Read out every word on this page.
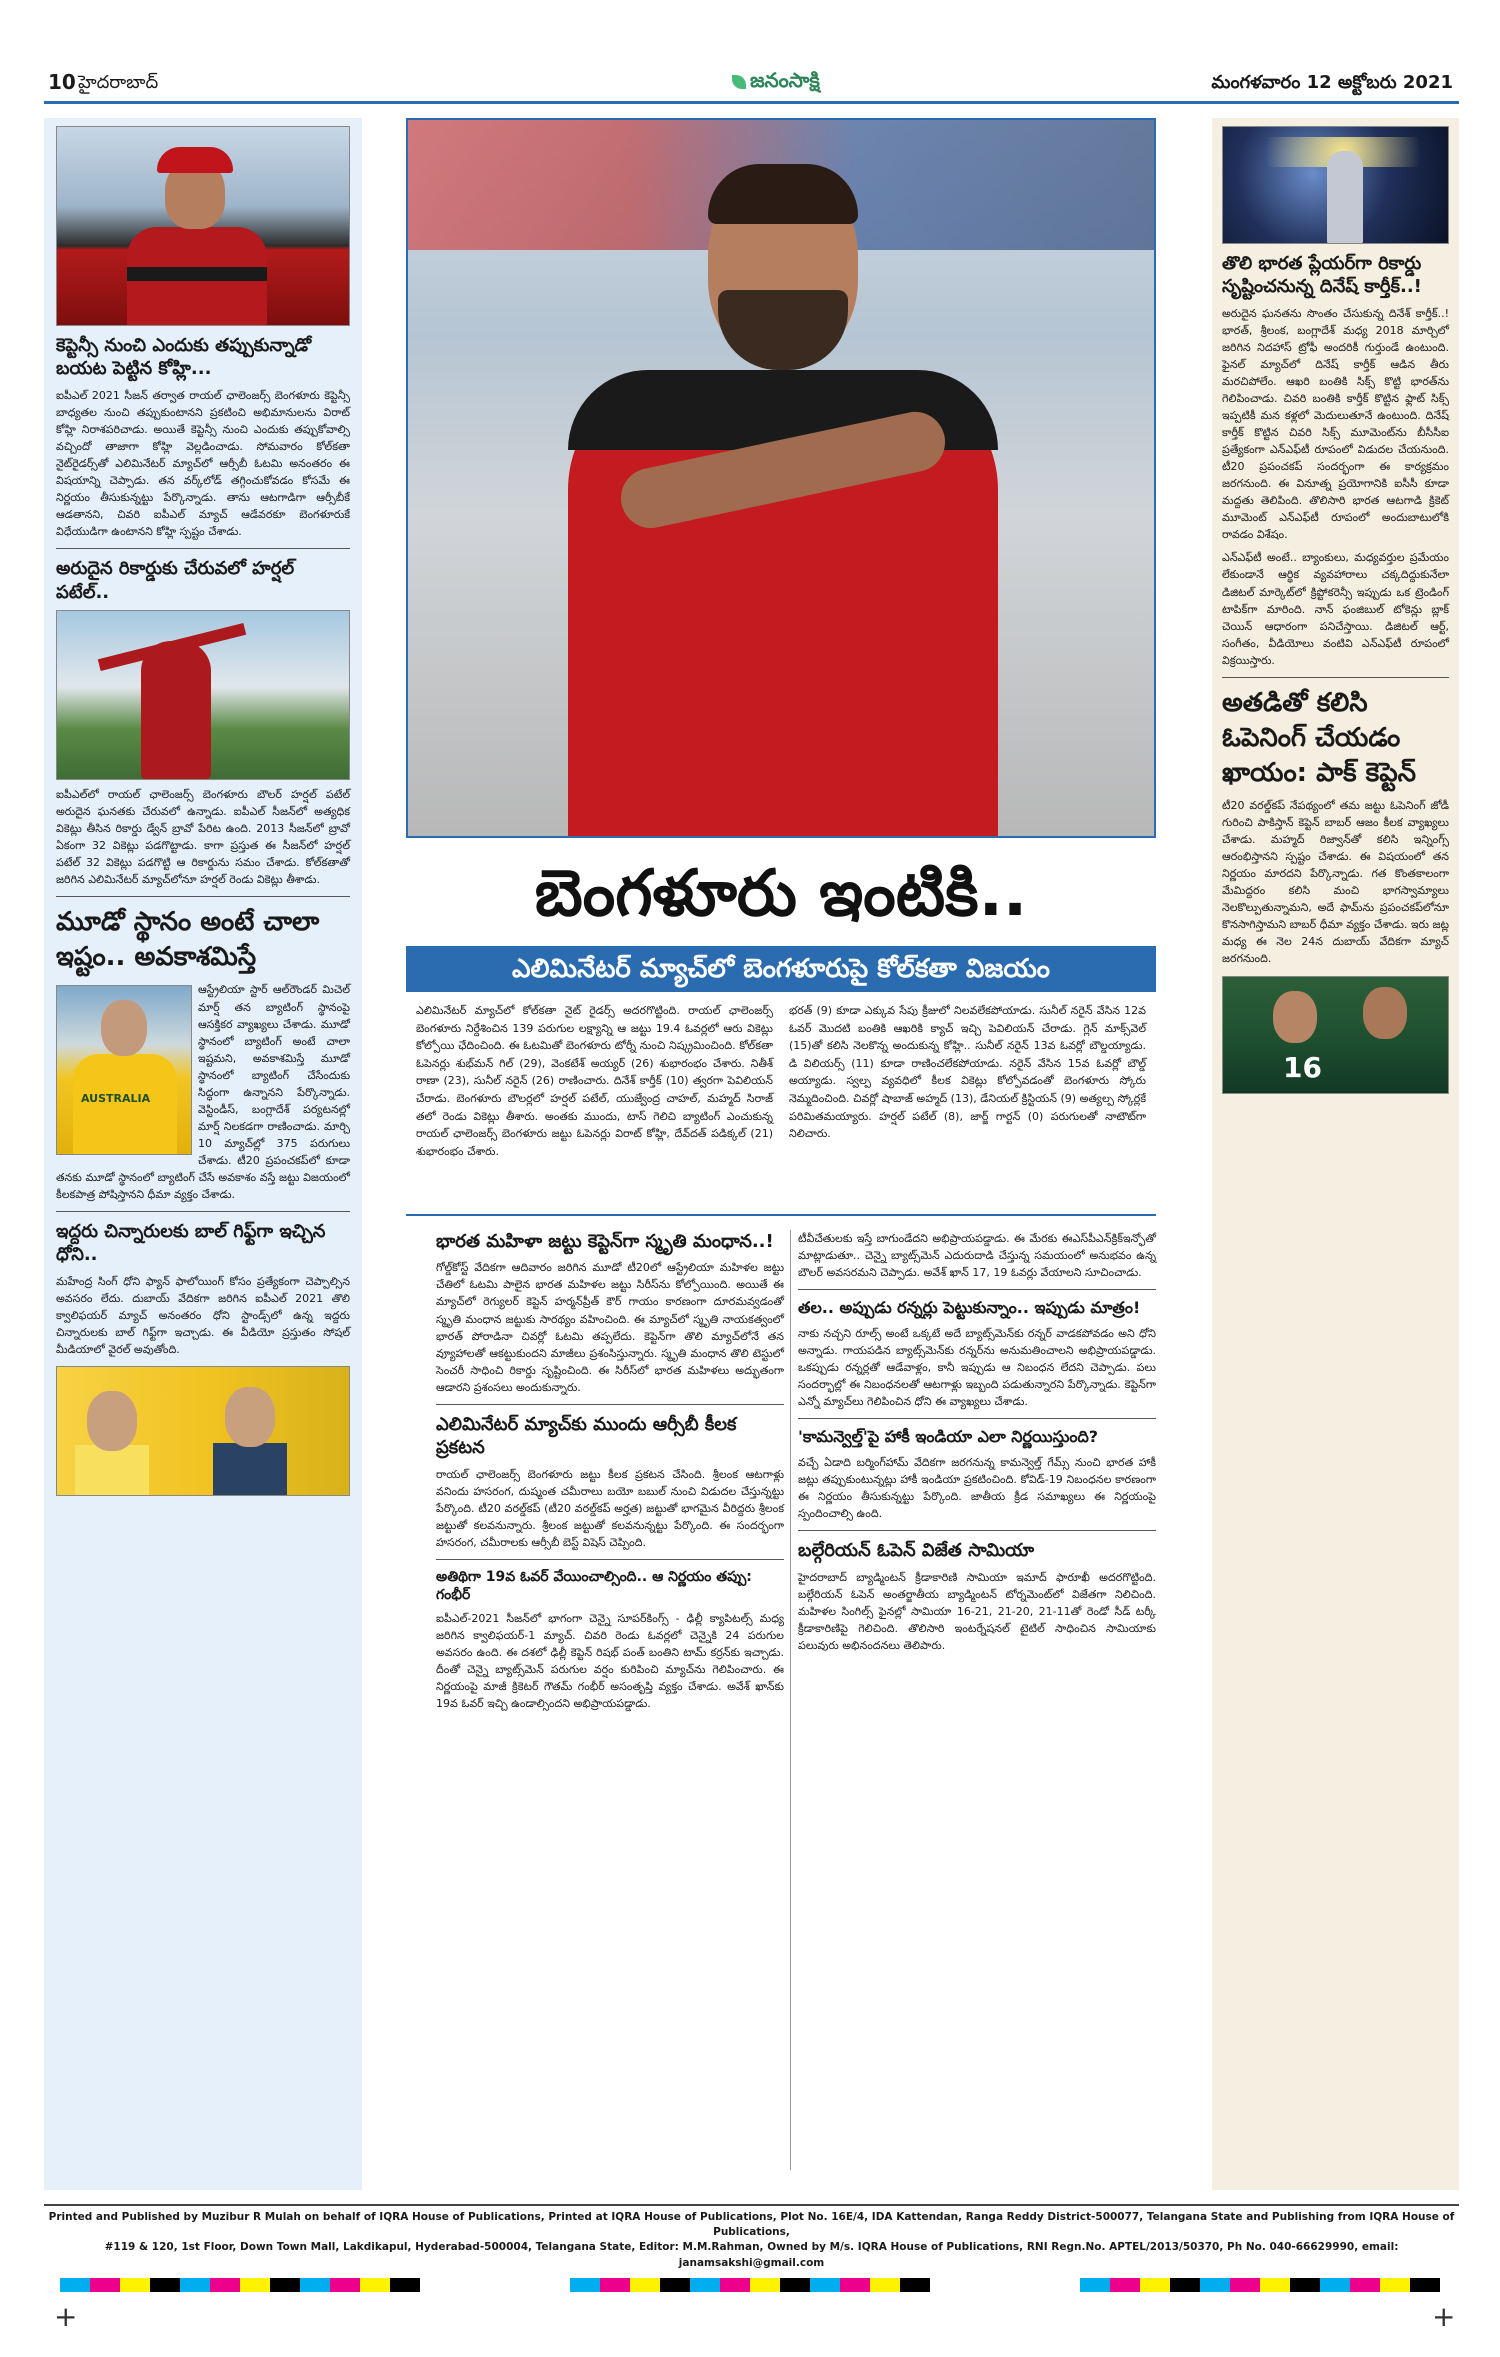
10 హైదరాబాద్	జనంసాక్షి	మంగళవారం 12 అక్టోబరు 2021
కెప్టెన్సీ నుంచి ఎందుకు తప్పుకున్నాడో బయట పెట్టిన కోహ్లి...
ఐపీఎల్ 2021 సీజన్ తర్వాత రాయల్ ఛాలెంజర్స్ బెంగళూరు కెప్టెన్సీ బాధ్యతల నుంచి తప్పుకుంటానని ప్రకటించి అభిమానులను విరాట్ కోహ్లి నిరాశపరిచాడు. అయితే కెప్టెన్సీ నుంచి ఎందుకు తప్పుకోవాల్సి వచ్చిందో తాజాగా కోహ్లి వెల్లడించాడు. సోమవారం కోల్‌కతా నైట్‌రైడర్స్‌తో ఎలిమినేటర్ మ్యాచ్‌లో ఆర్సీబీ ఓటమి అనంతరం ఈ విషయాన్ని చెప్పాడు. తన వర్క్‌లోడ్ తగ్గించుకోవడం కోసమే ఈ నిర్ణయం తీసుకున్నట్టు పేర్కొన్నాడు. తాను ఆటగాడిగా ఆర్సీబీకే ఆడతానని, చివరి ఐపీఎల్ మ్యాచ్ ఆడేవరకూ బెంగళూరుకే విధేయుడిగా ఉంటానని కోహ్లి స్పష్టం చేశాడు.
అరుదైన రికార్డుకు చేరువలో హర్షల్ పటేల్..
ఐపీఎల్‌లో రాయల్ ఛాలెంజర్స్ బెంగళూరు బౌలర్ హర్షల్ పటేల్ అరుదైన ఘనతకు చేరువలో ఉన్నాడు. ఐపీఎల్ సీజన్‌లో అత్యధిక వికెట్లు తీసిన రికార్డు డ్వేన్ బ్రావో పేరిట ఉంది. 2013 సీజన్‌లో బ్రావో ఏకంగా 32 వికెట్లు పడగొట్టాడు. కాగా ప్రస్తుత ఈ సీజన్‌లో హర్షల్ పటేల్ 32 వికెట్లు పడగొట్టి ఆ రికార్డును సమం చేశాడు. కోల్‌కతాతో జరిగిన ఎలిమినేటర్ మ్యాచ్‌లోనూ హర్షల్ రెండు వికెట్లు తీశాడు.
మూడో స్థానం అంటే చాలా ఇష్టం.. అవకాశమిస్తే
AUSTRALIA
ఆస్ట్రేలియా స్టార్ ఆల్‌రౌండర్ మిచెల్ మార్ష్ తన బ్యాటింగ్ స్థానంపై ఆసక్తికర వ్యాఖ్యలు చేశాడు. మూడో స్థానంలో బ్యాటింగ్ అంటే చాలా ఇష్టమని, అవకాశమిస్తే మూడో స్థానంలో బ్యాటింగ్ చేసేందుకు సిద్ధంగా ఉన్నానని పేర్కొన్నాడు. వెస్టిండీస్, బంగ్లాదేశ్ పర్యటనల్లో మార్ష్ నిలకడగా రాణించాడు. మార్చి 10 మ్యాచ్‌ల్లో 375 పరుగులు చేశాడు. టీ20 ప్రపంచకప్‌లో కూడా తనకు మూడో స్థానంలో బ్యాటింగ్ చేసే అవకాశం వస్తే జట్టు విజయంలో కీలకపాత్ర పోషిస్తానని ధీమా వ్యక్తం చేశాడు.
ఇద్దరు చిన్నారులకు బాల్ గిఫ్ట్‌గా ఇచ్చిన ధోని..
మహేంద్ర సింగ్ ధోని ఫ్యాన్ ఫాలోయింగ్ కోసం ప్రత్యేకంగా చెప్పాల్సిన అవసరం లేదు. దుబాయ్ వేదికగా జరిగిన ఐపీఎల్ 2021 తొలి క్వాలిఫయర్ మ్యాచ్ అనంతరం ధోని స్టాండ్స్‌లో ఉన్న ఇద్దరు చిన్నారులకు బాల్ గిఫ్ట్‌గా ఇచ్చాడు. ఈ వీడియో ప్రస్తుతం సోషల్ మీడియాలో వైరల్ అవుతోంది.
బెంగళూరు ఇంటికి..
ఎలిమినేటర్ మ్యాచ్‌లో బెంగళూరుపై కోల్‌కతా విజయం
ఎలిమినేటర్ మ్యాచ్‌లో కోల్‌కతా నైట్ రైడర్స్ అదరగొట్టింది. రాయల్ ఛాలెంజర్స్ బెంగళూరు నిర్దేశించిన 139 పరుగుల లక్ష్యాన్ని ఆ జట్టు 19.4 ఓవర్లలో ఆరు వికెట్లు కోల్పోయి ఛేదించింది. ఈ ఓటమితో బెంగళూరు టోర్నీ నుంచి నిష్క్రమించింది. కోల్‌కతా ఓపెనర్లు శుభ్‌మన్ గిల్ (29), వెంకటేశ్ అయ్యర్ (26) శుభారంభం చేశారు. నితీశ్ రాణా (23), సునీల్ నరైన్ (26) రాణించారు. దినేశ్ కార్తీక్ (10) త్వరగా పెవిలియన్ చేరాడు. బెంగళూరు బౌలర్లలో హర్షల్ పటేల్, యుజ్వేంద్ర చాహల్, మహ్మద్ సిరాజ్ తలో రెండు వికెట్లు తీశారు. అంతకు ముందు, టాస్ గెలిచి బ్యాటింగ్ ఎంచుకున్న రాయల్ ఛాలెంజర్స్ బెంగళూరు జట్టు ఓపెనర్లు విరాట్ కోహ్లి, దేవ్‌దత్ పడిక్కల్ (21) శుభారంభం చేశారు.
భరత్ (9) కూడా ఎక్కువ సేపు క్రీజులో నిలవలేకపోయాడు. సునీల్ నరైన్ వేసిన 12వ ఓవర్ మొదటి బంతికి ఆఖరికి క్యాచ్ ఇచ్చి పెవిలియన్ చేరాడు. గ్లెన్ మాక్స్‌వెల్ (15)తో కలిసి నెలకొన్న అందుకున్న కోహ్లి.. సునీల్ నరైన్ 13వ ఓవర్లో బౌల్డయ్యాడు. డి విలియర్స్ (11) కూడా రాణించలేకపోయాడు. నరైన్ వేసిన 15వ ఓవర్లో బౌల్డ్ అయ్యాడు. స్వల్ప వ్యవధిలో కీలక వికెట్లు కోల్పోవడంతో బెంగళూరు స్కోరు నెమ్మదించింది. చివర్లో షాబాజ్ అహ్మద్ (13), డేనియల్ క్రిస్టియన్ (9) అత్యల్ప స్కోర్లకే పరిమితమయ్యారు. హర్షల్ పటేల్ (8), జార్జ్ గార్టన్ (0) పరుగులతో నాటౌట్‌గా నిలిచారు.
భారత మహిళా జట్టు కెప్టెన్‌గా స్మృతి మంధాన..!
గోల్డ్‌కోస్ట్ వేదికగా ఆదివారం జరిగిన మూడో టీ20లో ఆస్ట్రేలియా మహిళల జట్టు చేతిలో ఓటమి పాలైన భారత మహిళల జట్టు సిరీస్‌ను కోల్పోయింది. అయితే ఈ మ్యాచ్‌లో రెగ్యులర్ కెప్టెన్ హర్మన్‌ప్రీత్ కౌర్ గాయం కారణంగా దూరమవ్వడంతో స్మృతి మంధాన జట్టుకు సారథ్యం వహించింది. ఈ మ్యాచ్‌లో స్మృతి నాయకత్వంలో భారత్ పోరాడినా చివర్లో ఓటమి తప్పలేదు. కెప్టెన్‌గా తొలి మ్యాచ్‌లోనే తన వ్యూహాలతో ఆకట్టుకుందని మాజీలు ప్రశంసిస్తున్నారు. స్మృతి మంధాన తొలి టెస్టులో సెంచరీ సాధించి రికార్డు సృష్టించింది. ఈ సిరీస్‌లో భారత మహిళలు అద్భుతంగా ఆడారని ప్రశంసలు అందుకున్నారు.
ఎలిమినేటర్ మ్యాచ్‌కు ముందు ఆర్సీబీ కీలక ప్రకటన
రాయల్ ఛాలెంజర్స్ బెంగళూరు జట్టు కీలక ప్రకటన చేసింది. శ్రీలంక ఆటగాళ్లు వనిందు హసరంగ, దుష్మంత చమీరాలు బయో బబుల్ నుంచి విడుదల చేస్తున్నట్టు పేర్కొంది. టీ20 వరల్డ్‌కప్ (టీ20 వరల్డ్‌కప్ అర్హత) జట్టుతో భాగమైన వీరిద్దరు శ్రీలంక జట్టుతో కలవనున్నారు. శ్రీలంక జట్టుతో కలవనున్నట్టు పేర్కొంది. ఈ సందర్భంగా హసరంగ, చమీరాలకు ఆర్సీబీ బెస్ట్ విషెస్ చెప్పింది.
అతిథిగా 19వ ఓవర్ వేయించాల్సింది.. ఆ నిర్ణయం తప్పు: గంభీర్
ఐపీఎల్-2021 సీజన్‌లో భాగంగా చెన్నై సూపర్‌కింగ్స్ - ఢిల్లీ క్యాపిటల్స్ మధ్య జరిగిన క్వాలిఫయర్-1 మ్యాచ్. చివరి రెండు ఓవర్లలో చెన్నైకి 24 పరుగుల అవసరం ఉంది. ఈ దశలో ఢిల్లీ కెప్టెన్ రిషభ్ పంత్ బంతిని టామ్ కర్రన్‌కు ఇచ్చాడు. దీంతో చెన్నై బ్యాట్స్‌మెన్ పరుగుల వర్షం కురిపించి మ్యాచ్‌ను గెలిపించారు. ఈ నిర్ణయంపై మాజీ క్రికెటర్ గౌతమ్ గంభీర్ అసంతృప్తి వ్యక్తం చేశాడు. అవేశ్ ఖాన్‌కు 19వ ఓవర్ ఇచ్చి ఉండాల్సిందని అభిప్రాయపడ్డాడు.
టీవీచేతులకు ఇస్తే బాగుండేదని అభిప్రాయపడ్డాడు. ఈ మేరకు ఈఎస్‌పీఎన్‌క్రిక్‌ఇన్ఫోతో మాట్లాడుతూ.. చెన్నై బ్యాట్స్‌మెన్ ఎదురుదాడి చేస్తున్న సమయంలో అనుభవం ఉన్న బౌలర్ అవసరమని చెప్పాడు. అవేశ్ ఖాన్ 17, 19 ఓవర్లు వేయాలని సూచించాడు.
తల.. అప్పుడు రన్నర్లు పెట్టుకున్నాం.. ఇప్పుడు మాత్రం!
నాకు నచ్చని రూల్స్ అంటే ఒక్కటే అదే బ్యాట్స్‌మెన్‌కు రన్నర్ వాడకపోవడం అని ధోని అన్నాడు. గాయపడిన బ్యాట్స్‌మెన్‌కు రన్నర్‌ను అనుమతించాలని అభిప్రాయపడ్డాడు. ఒకప్పుడు రన్నర్లతో ఆడేవాళ్లం, కానీ ఇప్పుడు ఆ నిబంధన లేదని చెప్పాడు. పలు సందర్భాల్లో ఈ నిబంధనలతో ఆటగాళ్లు ఇబ్బంది పడుతున్నారని పేర్కొన్నాడు. కెప్టెన్‌గా ఎన్నో మ్యాచ్‌లు గెలిపించిన ధోని ఈ వ్యాఖ్యలు చేశాడు.
'కామన్వెల్త్'పై హాకీ ఇండియా ఎలా నిర్ణయిస్తుంది?
వచ్చే ఏడాది బర్మింగ్‌హామ్ వేదికగా జరగనున్న కామన్వెల్త్ గేమ్స్ నుంచి భారత హాకీ జట్లు తప్పుకుంటున్నట్లు హాకీ ఇండియా ప్రకటించింది. కోవిడ్-19 నిబంధనల కారణంగా ఈ నిర్ణయం తీసుకున్నట్టు పేర్కొంది. జాతీయ క్రీడ సమాఖ్యలు ఈ నిర్ణయంపై స్పందించాల్సి ఉంది.
బల్గేరియన్ ఓపెన్ విజేత సామియా
హైదరాబాద్ బ్యాడ్మింటన్ క్రీడాకారిణి సామియా ఇమాద్ ఫారూఖీ అదరగొట్టింది. బల్గేరియన్ ఓపెన్ అంతర్జాతీయ బ్యాడ్మింటన్ టోర్నమెంట్‌లో విజేతగా నిలిచింది. మహిళల సింగిల్స్ ఫైనల్లో సామియా 16-21, 21-20, 21-11తో రెండో సీడ్ టర్కీ క్రీడాకారిణిపై గెలిచింది. తొలిసారి ఇంటర్నేషనల్ టైటిల్ సాధించిన సామియాకు పలువురు అభినందనలు తెలిపారు.
తొలి భారత ప్లేయర్‌గా రికార్డు సృష్టించనున్న దినేష్ కార్తీక్..!
అరుదైన ఘనతను సొంతం చేసుకున్న దినేశ్ కార్తీక్..! భారత్, శ్రీలంక, బంగ్లాదేశ్ మధ్య 2018 మార్చిలో జరిగిన నిదహాస్ ట్రోఫీ అందరికీ గుర్తుండే ఉంటుంది. ఫైనల్ మ్యాచ్‌లో దినేష్ కార్తీక్ ఆడిన తీరు మరచిపోలేం. ఆఖరి బంతికి సిక్స్ కొట్టి భారత్‌ను గెలిపించాడు. చివరి బంతికి కార్తీక్ కొట్టిన ఫ్లాట్ సిక్స్ ఇప్పటికీ మన కళ్లలో మెదులుతూనే ఉంటుంది. దినేష్ కార్తీక్ కొట్టిన చివరి సిక్స్ మూమెంట్‌ను బీసీసీఐ ప్రత్యేకంగా ఎన్‌ఎఫ్‌టీ రూపంలో విడుదల చేయనుంది. టీ20 ప్రపంచకప్ సందర్భంగా ఈ కార్యక్రమం జరగనుంది. ఈ వినూత్న ప్రయోగానికి ఐసీసీ కూడా మద్దతు తెలిపింది. తొలిసారి భారత ఆటగాడి క్రికెట్ మూమెంట్ ఎన్‌ఎఫ్‌టీ రూపంలో అందుబాటులోకి రావడం విశేషం.
ఎన్‌ఎఫ్‌టీ అంటే.. బ్యాంకులు, మధ్యవర్తుల ప్రమేయం లేకుండానే ఆర్థిక వ్యవహారాలు చక్కదిద్దుకునేలా డిజిటల్ మార్కెట్‌లో క్రిప్టోకరెన్సీ ఇప్పుడు ఒక ట్రెండింగ్ టాపిక్‌గా మారింది. నాన్ ఫంజిబుల్ టోకెన్లు బ్లాక్ చెయిన్ ఆధారంగా పనిచేస్తాయి. డిజిటల్ ఆర్ట్, సంగీతం, వీడియోలు వంటివి ఎన్‌ఎఫ్‌టీ రూపంలో విక్రయిస్తారు.
అతడితో కలిసి ఓపెనింగ్ చేయడం ఖాయం: పాక్ కెప్టెన్
టీ20 వరల్డ్‌కప్ నేపథ్యంలో తమ జట్టు ఓపెనింగ్ జోడీ గురించి పాకిస్తాన్ కెప్టెన్ బాబర్ ఆజం కీలక వ్యాఖ్యలు చేశాడు. మహ్మద్ రిజ్వాన్‌తో కలిసి ఇన్నింగ్స్ ఆరంభిస్తానని స్పష్టం చేశాడు. ఈ విషయంలో తన నిర్ణయం మారదని పేర్కొన్నాడు. గత కొంతకాలంగా మేమిద్దరం కలిసి మంచి భాగస్వామ్యాలు నెలకొల్పుతున్నామని, అదే ఫామ్‌ను ప్రపంచకప్‌లోనూ కొనసాగిస్తామని బాబర్ ధీమా వ్యక్తం చేశాడు. ఇరు జట్ల మధ్య ఈ నెల 24న దుబాయ్ వేదికగా మ్యాచ్ జరగనుంది.
16

Printed and Published by Muzibur R Mulah on behalf of IQRA House of Publications, Printed at IQRA House of Publications, Plot No. 16E/4, IDA Kattendan, Ranga Reddy District-500077, Telangana State and Publishing from IQRA House of Publications,

#119 & 120, 1st Floor, Down Town Mall, Lakdikapul, Hyderabad-500004, Telangana State, Editor: M.M.Rahman, Owned by M/s. IQRA House of Publications, RNI Regn.No. APTEL/2013/50370, Ph No. 040-66629990, email: janamsakshi@gmail.com

+	+
